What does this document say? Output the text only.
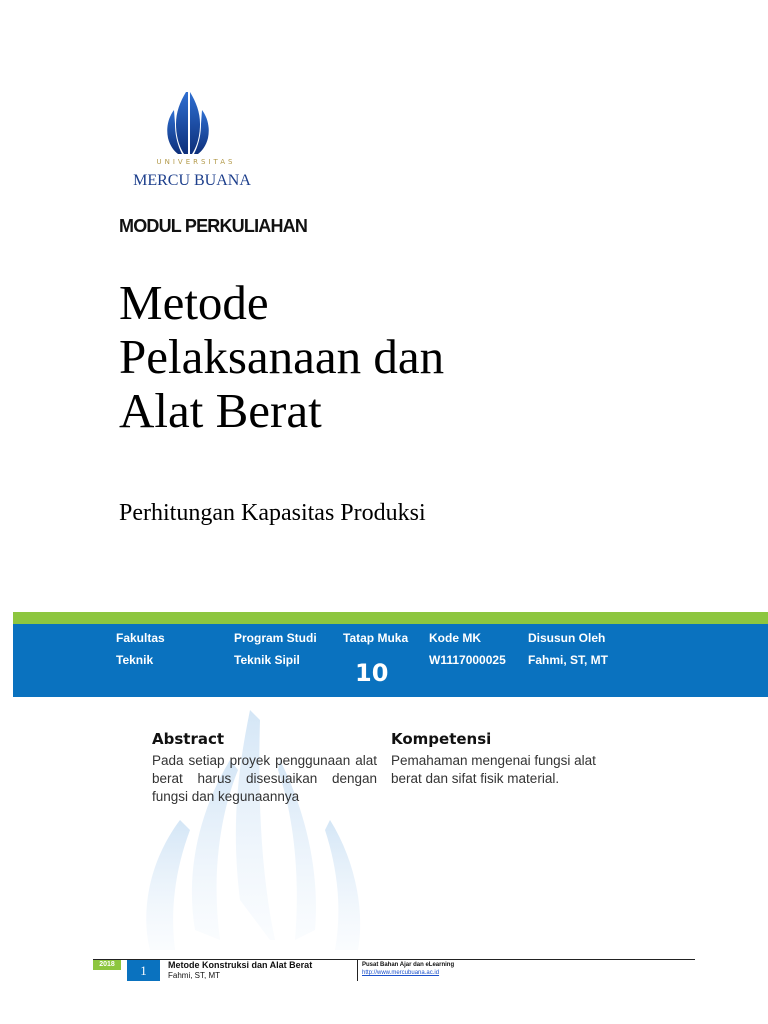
UNIVERSITAS
MERCU BUANA
MODUL PERKULIAHAN
Metode
Pelaksanaan dan
Alat Berat
Perhitungan Kapasitas Produksi
Fakultas
Teknik
Program Studi
Teknik Sipil
Tatap Muka
10
Kode MK
W1117000025
Disusun Oleh
Fahmi, ST, MT
Abstract
Pada setiap proyek penggunaan alat berat harus disesuaikan dengan fungsi dan kegunaannya
Kompetensi
Pemahaman mengenai fungsi alat berat dan sifat fisik material.
2018	1	Metode Konstruksi dan Alat Berat
Fahmi, ST, MT
Pusat Bahan Ajar dan eLearning
http://www.mercubuana.ac.id
